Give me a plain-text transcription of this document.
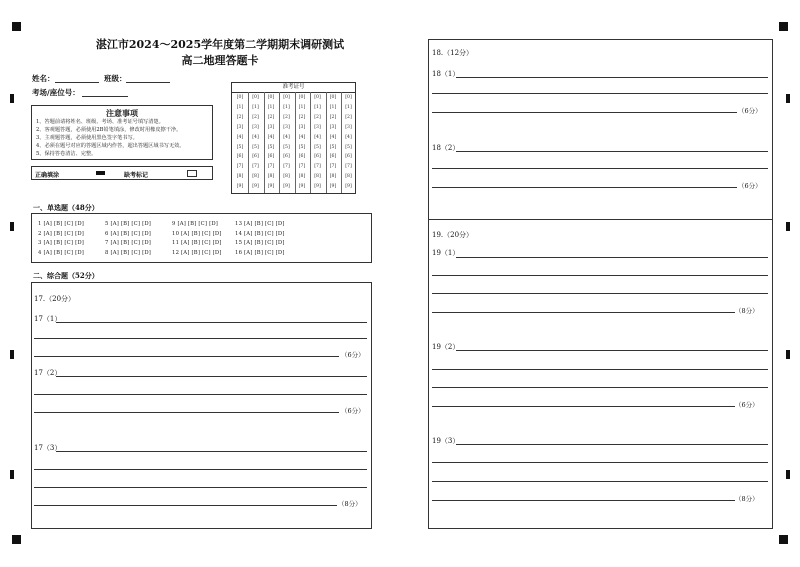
湛江市2024～2025学年度第二学期期末调研测试
高二地理答题卡
姓名：	班级：
考场/座位号：
注意事项
1、答题前请将姓名、班级、考场、准考证号填写清楚。
2、客观题答题，必须使用2B铅笔填涂，修改时用橡皮擦干净。
3、主观题答题，必须使用黑色签字笔书写。
4、必须在题号对应的答题区域内作答，超出答题区域书写无效。
5、保持答卷清洁、完整。
正确填涂	缺考标记
准考证号
[0]
[1]
[2]
[3]
[4]
[5]
[6]
[7]
[8]
[9]
[0]
[1]
[2]
[3]
[4]
[5]
[6]
[7]
[8]
[9]
[0]
[1]
[2]
[3]
[4]
[5]
[6]
[7]
[8]
[9]
[0]
[1]
[2]
[3]
[4]
[5]
[6]
[7]
[8]
[9]
[0]
[1]
[2]
[3]
[4]
[5]
[6]
[7]
[8]
[9]
[0]
[1]
[2]
[3]
[4]
[5]
[6]
[7]
[8]
[9]
[0]
[1]
[2]
[3]
[4]
[5]
[6]
[7]
[8]
[9]
[0]
[1]
[2]
[3]
[4]
[5]
[6]
[7]
[8]
[9]
一、单选题（48分）
1 [A] [B] [C] [D]
2 [A] [B] [C] [D]
3 [A] [B] [C] [D]
4 [A] [B] [C] [D]
5 [A] [B] [C] [D]
6 [A] [B] [C] [D]
7 [A] [B] [C] [D]
8 [A] [B] [C] [D]
9 [A] [B] [C] [D]
10 [A] [B] [C] [D]
11 [A] [B] [C] [D]
12 [A] [B] [C] [D]
13 [A] [B] [C] [D]
14 [A] [B] [C] [D]
15 [A] [B] [C] [D]
16 [A] [B] [C] [D]
二、综合题（52分）
17.（20分）
17（1）
（6分）
17（2）
（6分）
17（3）
（8分）
18.（12分）
18（1）
（6分）
18（2）
（6分）
19.（20分）
19（1）
（8分）
19（2）
（6分）
19（3）
（8分）
